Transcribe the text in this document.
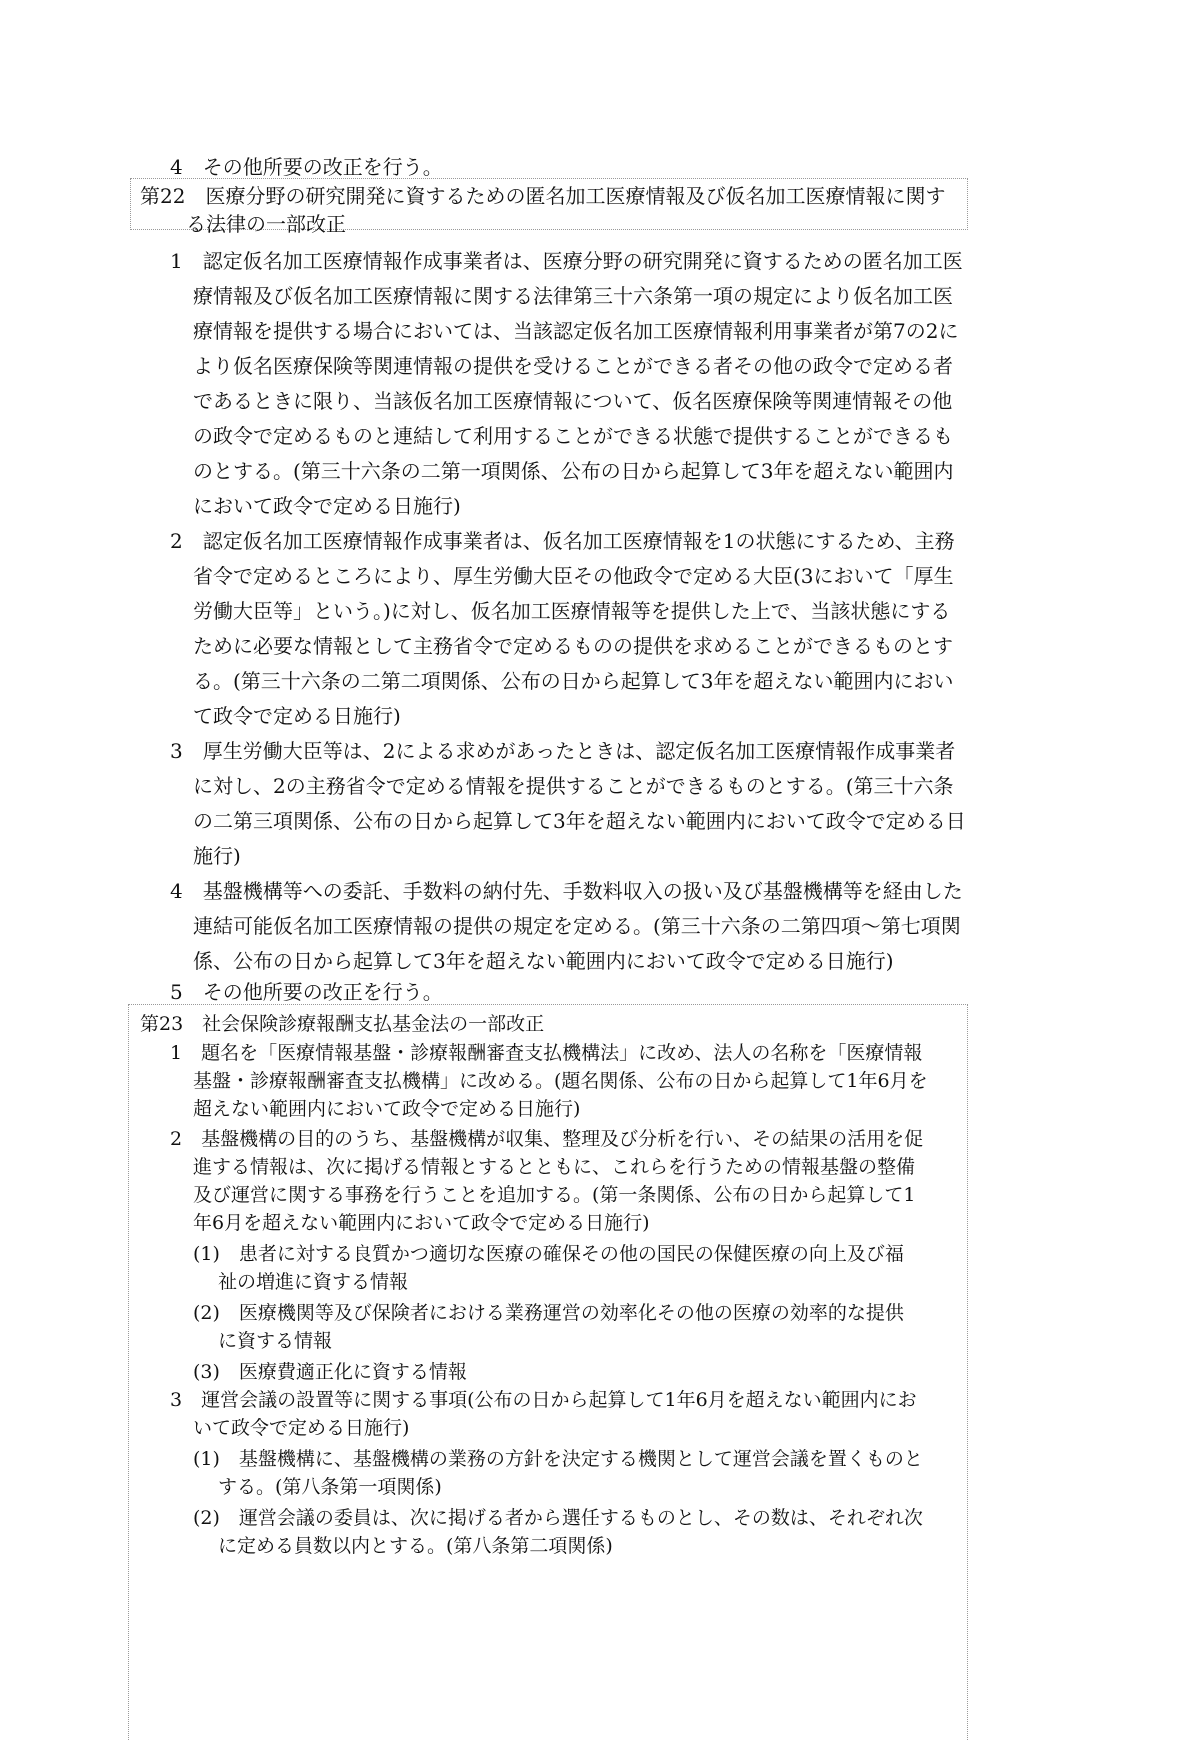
4　その他所要の改正を行う。
第22　医療分野の研究開発に資するための匿名加工医療情報及び仮名加工医療情報に関す
る法律の一部改正
1　認定仮名加工医療情報作成事業者は、医療分野の研究開発に資するための匿名加工医
療情報及び仮名加工医療情報に関する法律第三十六条第一項の規定により仮名加工医
療情報を提供する場合においては、当該認定仮名加工医療情報利用事業者が第7の2に
より仮名医療保険等関連情報の提供を受けることができる者その他の政令で定める者
であるときに限り、当該仮名加工医療情報について、仮名医療保険等関連情報その他
の政令で定めるものと連結して利用することができる状態で提供することができるも
のとする。(第三十六条の二第一項関係、公布の日から起算して3年を超えない範囲内
において政令で定める日施行)
2　認定仮名加工医療情報作成事業者は、仮名加工医療情報を1の状態にするため、主務
省令で定めるところにより、厚生労働大臣その他政令で定める大臣(3において「厚生
労働大臣等」という。)に対し、仮名加工医療情報等を提供した上で、当該状態にする
ために必要な情報として主務省令で定めるものの提供を求めることができるものとす
る。(第三十六条の二第二項関係、公布の日から起算して3年を超えない範囲内におい
て政令で定める日施行)
3　厚生労働大臣等は、2による求めがあったときは、認定仮名加工医療情報作成事業者
に対し、2の主務省令で定める情報を提供することができるものとする。(第三十六条
の二第三項関係、公布の日から起算して3年を超えない範囲内において政令で定める日
施行)
4　基盤機構等への委託、手数料の納付先、手数料収入の扱い及び基盤機構等を経由した
連結可能仮名加工医療情報の提供の規定を定める。(第三十六条の二第四項～第七項関
係、公布の日から起算して3年を超えない範囲内において政令で定める日施行)
5　その他所要の改正を行う。
第23　社会保険診療報酬支払基金法の一部改正
1　題名を「医療情報基盤・診療報酬審査支払機構法」に改め、法人の名称を「医療情報
基盤・診療報酬審査支払機構」に改める。(題名関係、公布の日から起算して1年6月を
超えない範囲内において政令で定める日施行)
2　基盤機構の目的のうち、基盤機構が収集、整理及び分析を行い、その結果の活用を促
進する情報は、次に掲げる情報とするとともに、これらを行うための情報基盤の整備
及び運営に関する事務を行うことを追加する。(第一条関係、公布の日から起算して1
年6月を超えない範囲内において政令で定める日施行)
(1)　患者に対する良質かつ適切な医療の確保その他の国民の保健医療の向上及び福
祉の増進に資する情報
(2)　医療機関等及び保険者における業務運営の効率化その他の医療の効率的な提供
に資する情報
(3)　医療費適正化に資する情報
3　運営会議の設置等に関する事項(公布の日から起算して1年6月を超えない範囲内にお
いて政令で定める日施行)
(1)　基盤機構に、基盤機構の業務の方針を決定する機関として運営会議を置くものと
する。(第八条第一項関係)
(2)　運営会議の委員は、次に掲げる者から選任するものとし、その数は、それぞれ次
に定める員数以内とする。(第八条第二項関係)
